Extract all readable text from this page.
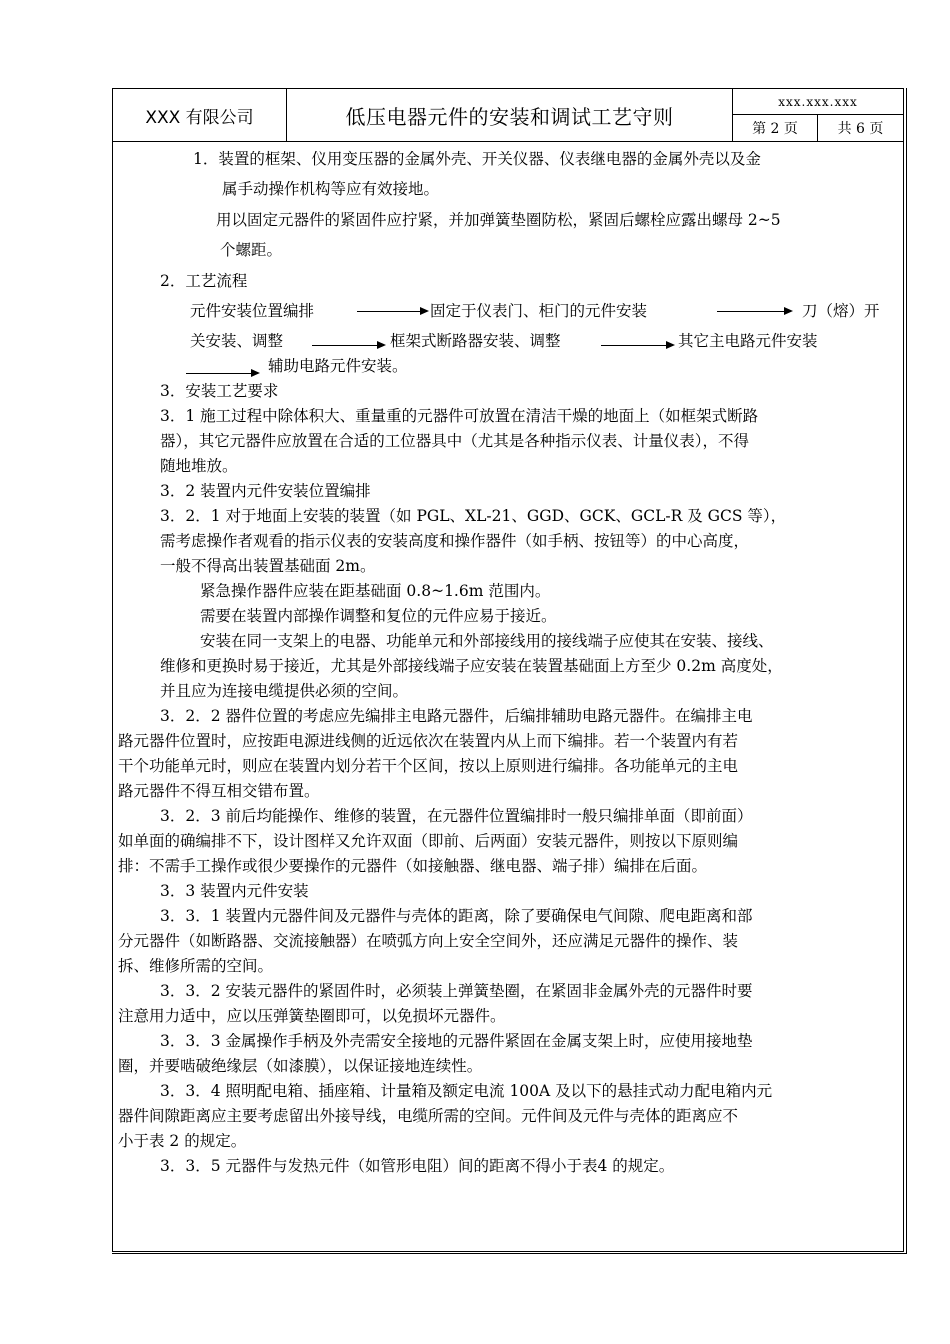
XXX 有限公司	低压电器元件的安装和调试工艺守则
xxx.xxx.xxx
第 2 页	共 6 页
1．装置的框架、仪用变压器的金属外壳、开关仪器、仪表继电器的金属外壳以及金
属手动操作机构等应有效接地。
用以固定元器件的紧固件应拧紧，并加弹簧垫圈防松，紧固后螺栓应露出螺母 2~5
个螺距。
2．工艺流程
元件安装位置编排	固定于仪表门、柜门的元件安装	刀（熔）开
关安装、调整	框架式断路器安装、调整	其它主电路元件安装
辅助电路元件安装。
3．安装工艺要求
3．1 施工过程中除体积大、重量重的元器件可放置在清洁干燥的地面上（如框架式断路
器），其它元器件应放置在合适的工位器具中（尤其是各种指示仪表、计量仪表），不得
随地堆放。
3．2 装置内元件安装位置编排
3．2．1 对于地面上安装的装置（如 PGL、XL-21、GGD、GCK、GCL-R 及 GCS 等），
需考虑操作者观看的指示仪表的安装高度和操作器件（如手柄、按钮等）的中心高度，
一般不得高出装置基础面 2m。
紧急操作器件应装在距基础面 0.8~1.6m 范围内。
需要在装置内部操作调整和复位的元件应易于接近。
安装在同一支架上的电器、功能单元和外部接线用的接线端子应使其在安装、接线、
维修和更换时易于接近，尤其是外部接线端子应安装在装置基础面上方至少 0.2m 高度处，
并且应为连接电缆提供必须的空间。
3．2．2 器件位置的考虑应先编排主电路元器件，后编排辅助电路元器件。在编排主电
路元器件位置时，应按距电源进线侧的近远依次在装置内从上而下编排。若一个装置内有若
干个功能单元时，则应在装置内划分若干个区间，按以上原则进行编排。各功能单元的主电
路元器件不得互相交错布置。
3．2．3 前后均能操作、维修的装置，在元器件位置编排时一般只编排单面（即前面）
如单面的确编排不下，设计图样又允许双面（即前、后两面）安装元器件，则按以下原则编
排：不需手工操作或很少要操作的元器件（如接触器、继电器、端子排）编排在后面。
3．3 装置内元件安装
3．3．1 装置内元器件间及元器件与壳体的距离，除了要确保电气间隙、爬电距离和部
分元器件（如断路器、交流接触器）在喷弧方向上安全空间外，还应满足元器件的操作、装
拆、维修所需的空间。
3．3．2 安装元器件的紧固件时，必须装上弹簧垫圈，在紧固非金属外壳的元器件时要
注意用力适中，应以压弹簧垫圈即可，以免损坏元器件。
3．3．3 金属操作手柄及外壳需安全接地的元器件紧固在金属支架上时，应使用接地垫
圈，并要啮破绝缘层（如漆膜），以保证接地连续性。
3．3．4 照明配电箱、插座箱、计量箱及额定电流 100A 及以下的悬挂式动力配电箱内元
器件间隙距离应主要考虑留出外接导线，电缆所需的空间。元件间及元件与壳体的距离应不
小于表 2 的规定。
3．3．5 元器件与发热元件（如管形电阻）间的距离不得小于表4 的规定。
